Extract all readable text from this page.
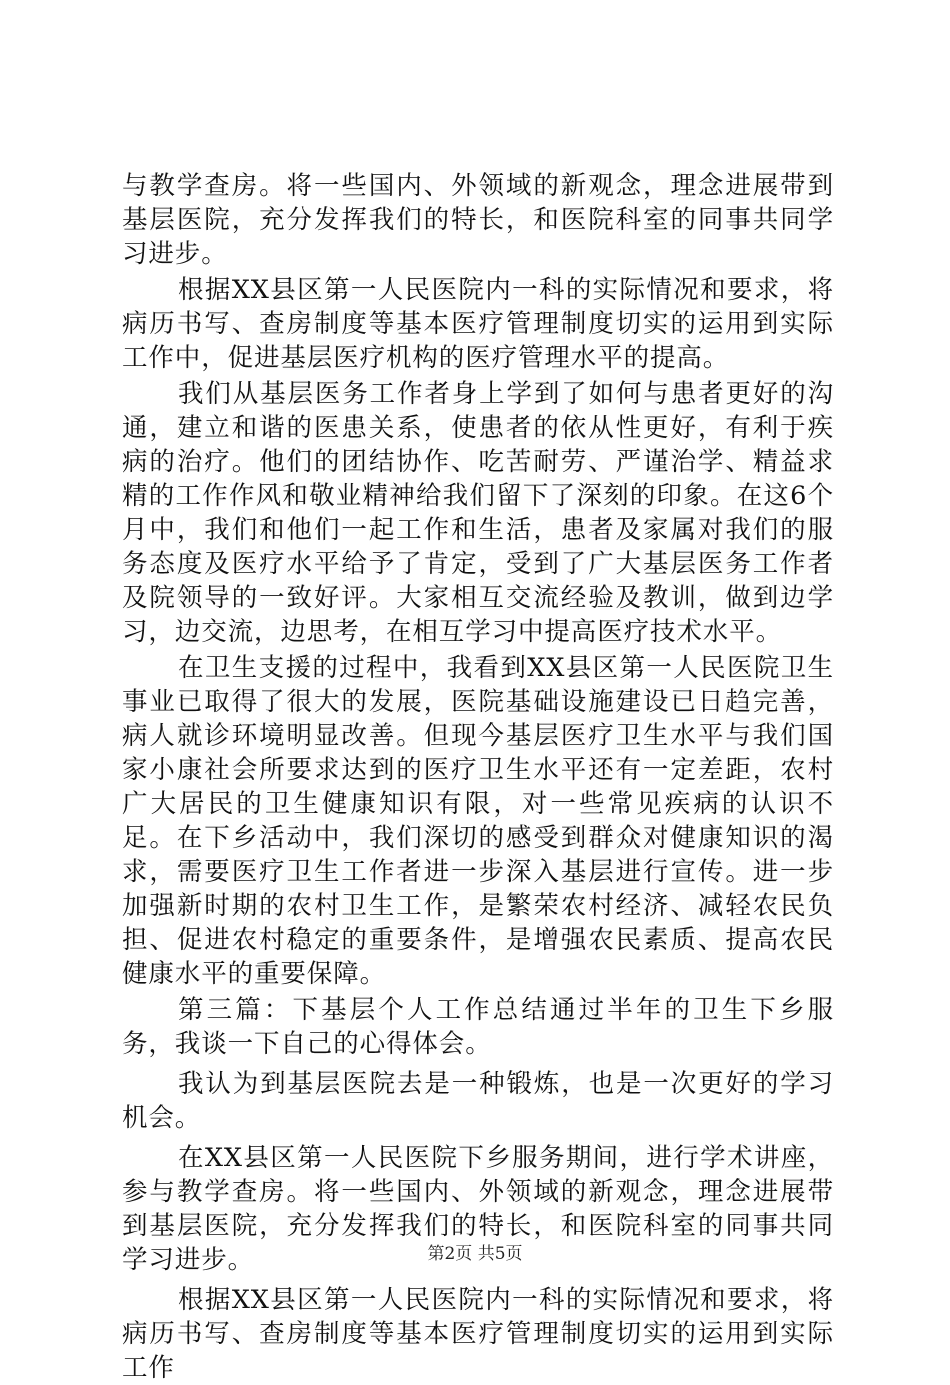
与教学查房。将一些国内、外领域的新观念，理念进展带到基层医院，充分发挥我们的特长，和医院科室的同事共同学习进步。

根据XX县区第一人民医院内一科的实际情况和要求，将病历书写、查房制度等基本医疗管理制度切实的运用到实际工作中，促进基层医疗机构的医疗管理水平的提高。

我们从基层医务工作者身上学到了如何与患者更好的沟通，建立和谐的医患关系，使患者的依从性更好，有利于疾病的治疗。他们的团结协作、吃苦耐劳、严谨治学、精益求精的工作作风和敬业精神给我们留下了深刻的印象。在这6个月中，我们和他们一起工作和生活，患者及家属对我们的服务态度及医疗水平给予了肯定，受到了广大基层医务工作者及院领导的一致好评。大家相互交流经验及教训，做到边学习，边交流，边思考，在相互学习中提高医疗技术水平。

在卫生支援的过程中，我看到XX县区第一人民医院卫生事业已取得了很大的发展，医院基础设施建设已日趋完善，病人就诊环境明显改善。但现今基层医疗卫生水平与我们国家小康社会所要求达到的医疗卫生水平还有一定差距，农村广大居民的卫生健康知识有限，对一些常见疾病的认识不足。在下乡活动中，我们深切的感受到群众对健康知识的渴求，需要医疗卫生工作者进一步深入基层进行宣传。进一步加强新时期的农村卫生工作，是繁荣农村经济、减轻农民负担、促进农村稳定的重要条件，是增强农民素质、提高农民健康水平的重要保障。

第三篇：下基层个人工作总结通过半年的卫生下乡服务，我谈一下自己的心得体会。

我认为到基层医院去是一种锻炼，也是一次更好的学习机会。

在XX县区第一人民医院下乡服务期间，进行学术讲座，参与教学查房。将一些国内、外领域的新观念，理念进展带到基层医院，充分发挥我们的特长，和医院科室的同事共同学习进步。

根据XX县区第一人民医院内一科的实际情况和要求，将病历书写、查房制度等基本医疗管理制度切实的运用到实际工作

第2页 共5页
